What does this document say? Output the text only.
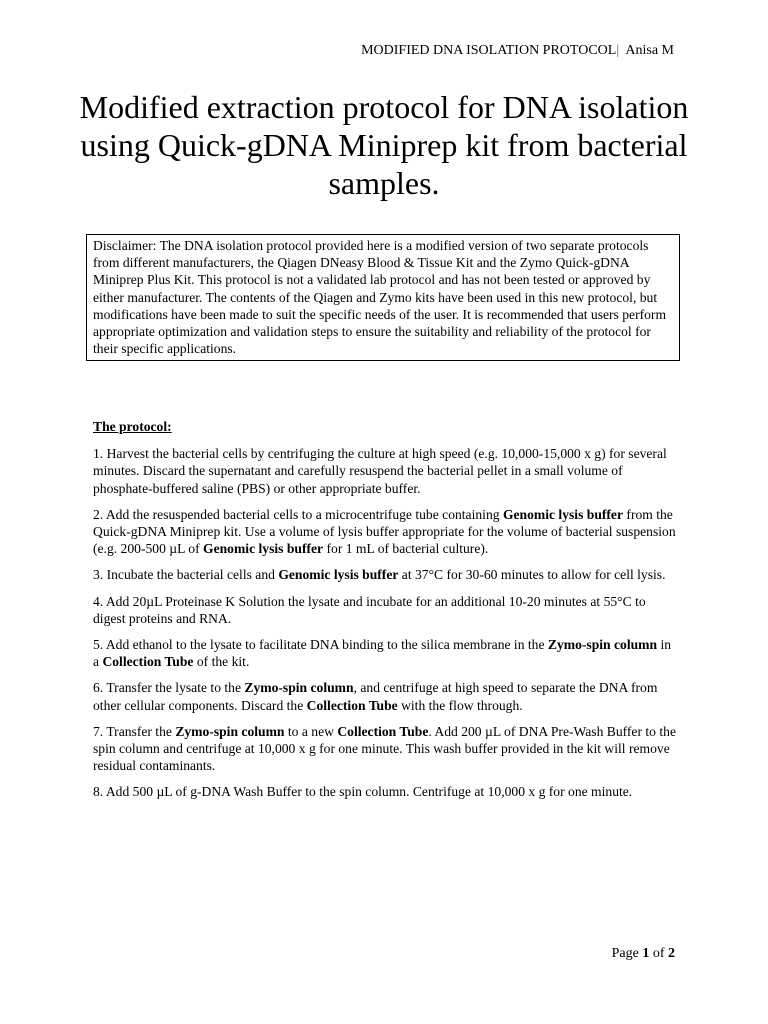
MODIFIED DNA ISOLATION PROTOCOL| Anisa M
Modified extraction protocol for DNA isolation using Quick-gDNA Miniprep kit from bacterial samples.
Disclaimer: The DNA isolation protocol provided here is a modified version of two separate protocols from different manufacturers, the Qiagen DNeasy Blood & Tissue Kit and the Zymo Quick-gDNA Miniprep Plus Kit. This protocol is not a validated lab protocol and has not been tested or approved by either manufacturer. The contents of the Qiagen and Zymo kits have been used in this new protocol, but modifications have been made to suit the specific needs of the user. It is recommended that users perform appropriate optimization and validation steps to ensure the suitability and reliability of the protocol for their specific applications.

The protocol:

1. Harvest the bacterial cells by centrifuging the culture at high speed (e.g. 10,000-15,000 x g) for several minutes. Discard the supernatant and carefully resuspend the bacterial pellet in a small volume of phosphate-buffered saline (PBS) or other appropriate buffer.

2. Add the resuspended bacterial cells to a microcentrifuge tube containing Genomic lysis buffer from the Quick-gDNA Miniprep kit. Use a volume of lysis buffer appropriate for the volume of bacterial suspension (e.g. 200-500 µL of Genomic lysis buffer for 1 mL of bacterial culture).

3. Incubate the bacterial cells and Genomic lysis buffer at 37°C for 30-60 minutes to allow for cell lysis.

4. Add 20µL Proteinase K Solution the lysate and incubate for an additional 10-20 minutes at 55°C to digest proteins and RNA.

5. Add ethanol to the lysate to facilitate DNA binding to the silica membrane in the Zymo-spin column in a Collection Tube of the kit.

6. Transfer the lysate to the Zymo-spin column, and centrifuge at high speed to separate the DNA from other cellular components. Discard the Collection Tube with the flow through.

7. Transfer the Zymo-spin column to a new Collection Tube. Add 200 µL of DNA Pre-Wash Buffer to the spin column and centrifuge at 10,000 x g for one minute. This wash buffer provided in the kit will remove residual contaminants.

8. Add 500 µL of g-DNA Wash Buffer to the spin column. Centrifuge at 10,000 x g for one minute.

Page 1 of 2
